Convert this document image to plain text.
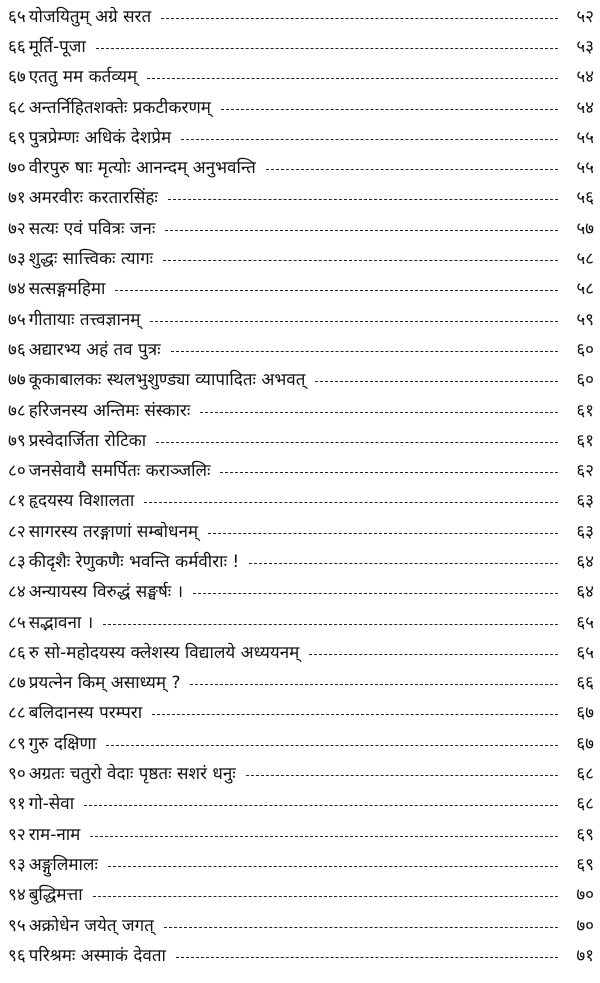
६५ योजयितुम् अग्रे सरत	५२
६६ मूर्ति-पूजा	५३
६७ एततु मम कर्तव्यम्	५४
६८ अन्तर्निहितशक्तेः प्रकटीकरणम्	५४
६९ पुत्रप्रेम्णः अधिकं देशप्रेम	५५
७० वीरपुरु षाः मृत्योः आनन्दम् अनुभवन्ति	५५
७१ अमरवीरः करतारसिंहः	५६
७२ सत्यः एवं पवित्रः जनः	५७
७३ शुद्धः सात्त्विकः त्यागः	५८
७४ सत्सङ्गमहिमा	५८
७५ गीतायाः तत्त्वज्ञानम्	५९
७६ अद्यारभ्य अहं तव पुत्रः	६०
७७ कूकाबालकः स्थलभुशुण्ड्या व्यापादितः अभवत्	६०
७८ हरिजनस्य अन्तिमः संस्कारः	६१
७९ प्रस्वेदार्जिता रोटिका	६१
८० जनसेवायै समर्पितः कराञ्जलिः	६२
८१ हृदयस्य विशालता	६३
८२ सागरस्य तरङ्गाणां सम्बोधनम्	६३
८३ कीदृशैः रेणुकणैः भवन्ति कर्मवीराः !	६४
८४ अन्यायस्य विरुद्धं सङ्घर्षः ।	६४
८५ सद्भावना ।	६५
८६ रु सो-महोदयस्य क्लेशस्य विद्यालये अध्ययनम्	६५
८७ प्रयत्नेन किम् असाध्यम् ?	६६
८८ बलिदानस्य परम्परा	६७
८९ गुरु दक्षिणा	६७
९० अग्रतः चतुरो वेदाः पृष्ठतः सशरं धनुः	६८
९१ गो-सेवा	६८
९२ राम-नाम	६९
९३ अङ्गुलिमालः	६९
९४ बुद्धिमत्ता	७०
९५ अक्रोधेन जयेत् जगत्	७०
९६ परिश्रमः अस्माकं देवता	७१
